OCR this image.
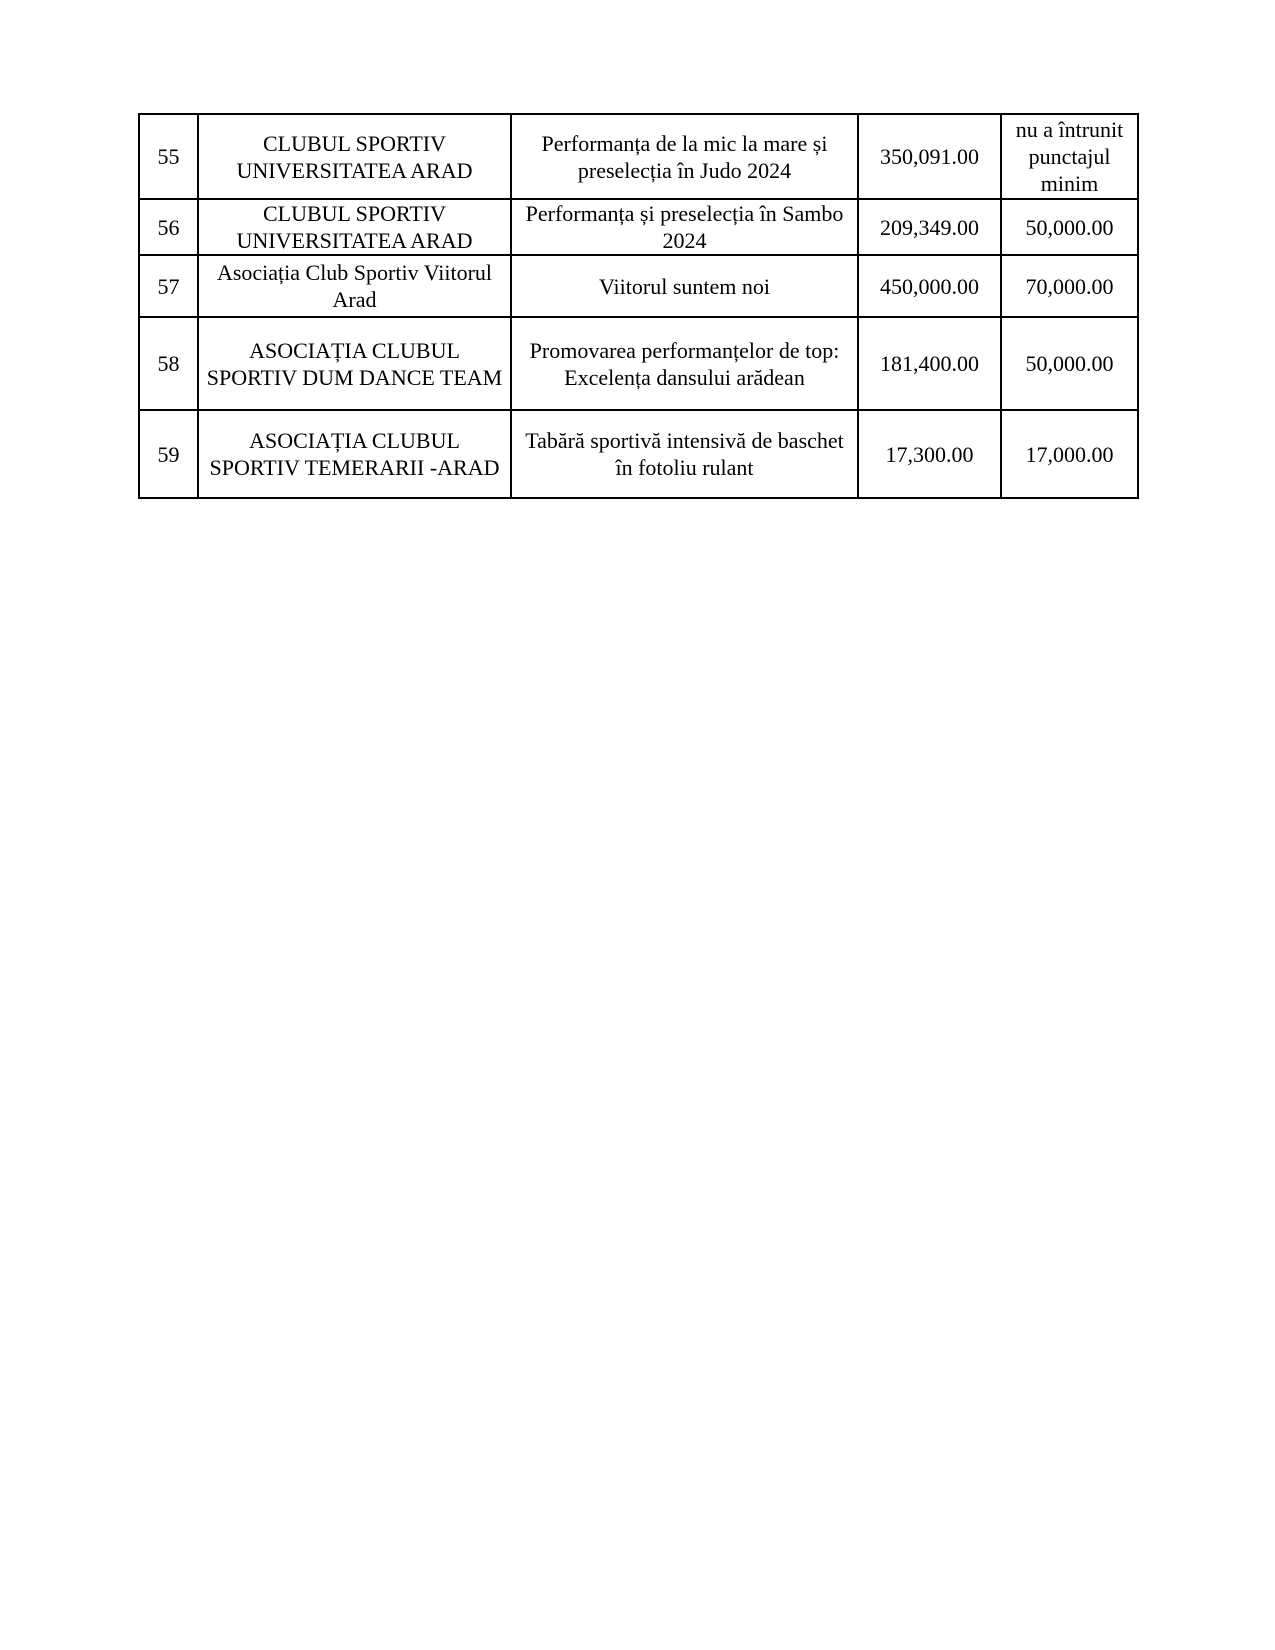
55	CLUBUL SPORTIV UNIVERSITATEA ARAD	Performanța de la mic la mare și preselecția în Judo 2024	350,091.00	nu a întrunit punctajul minim
56	CLUBUL SPORTIV UNIVERSITATEA ARAD	Performanța și preselecția în Sambo 2024	209,349.00	50,000.00
57	Asociația Club Sportiv Viitorul Arad	Viitorul suntem noi	450,000.00	70,000.00
58	ASOCIAȚIA CLUBUL SPORTIV DUM DANCE TEAM	Promovarea performanțelor de top: Excelența dansului arădean	181,400.00	50,000.00
59	ASOCIAȚIA CLUBUL SPORTIV TEMERARII -ARAD	Tabără sportivă intensivă de baschet în fotoliu rulant	17,300.00	17,000.00
